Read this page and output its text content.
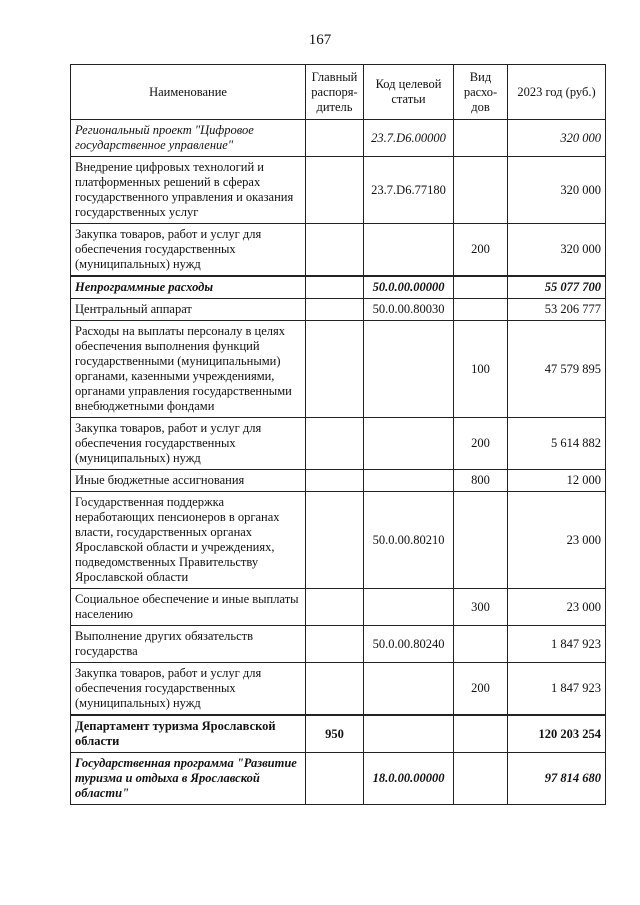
167
Наименование	Главный распоря-дитель	Код целевой статьи	Вид расхо-дов	2023 год (руб.)
Региональный проект "Цифровое государственное управление"		23.7.D6.00000		320 000
Внедрение цифровых технологий и платформенных решений в сферах государственного управления и оказания государственных услуг		23.7.D6.77180		320 000
Закупка товаров, работ и услуг для обеспечения государственных (муниципальных) нужд			200	320 000
Непрограммные расходы		50.0.00.00000		55 077 700
Центральный аппарат		50.0.00.80030		53 206 777
Расходы на выплаты персоналу в целях обеспечения выполнения функций государственными (муниципальными) органами, казенными учреждениями, органами управления государственными внебюджетными фондами			100	47 579 895
Закупка товаров, работ и услуг для обеспечения государственных (муниципальных) нужд			200	5 614 882
Иные бюджетные ассигнования			800	12 000
Государственная поддержка неработающих пенсионеров в органах власти, государственных органах Ярославской области и учреждениях, подведомственных Правительству Ярославской области		50.0.00.80210		23 000
Социальное обеспечение и иные выплаты населению			300	23 000
Выполнение других обязательств государства		50.0.00.80240		1 847 923
Закупка товаров, работ и услуг для обеспечения государственных (муниципальных) нужд			200	1 847 923
Департамент туризма Ярославской области	950			120 203 254
Государственная программа "Развитие туризма и отдыха в Ярославской области"		18.0.00.00000		97 814 680
